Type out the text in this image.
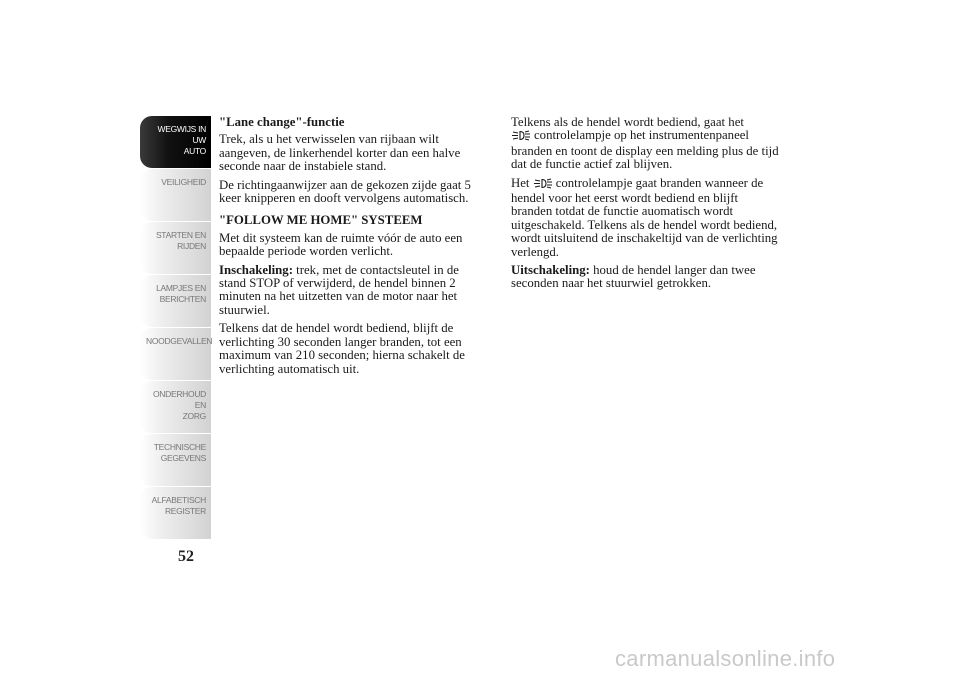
WEGWIJS IN UW
AUTO
VEILIGHEID
STARTEN EN
RIJDEN
LAMPJES EN
BERICHTEN
NOODGEVALLEN
ONDERHOUD EN
ZORG
TECHNISCHE
GEGEVENS
ALFABETISCH
REGISTER
52

"Lane change"-functie

Trek, als u het verwisselen van rijbaan wilt aangeven, de linkerhendel korter dan een halve seconde naar de instabiele stand.

De richtingaanwijzer aan de gekozen zijde gaat 5 keer knipperen en dooft vervolgens automatisch.

"FOLLOW ME HOME" SYSTEEM

Met dit systeem kan de ruimte vóór de auto een bepaalde periode worden verlicht.

Inschakeling: trek, met de contactsleutel in de stand STOP of verwijderd, de hendel binnen 2 minuten na het uitzetten van de motor naar het stuurwiel.

Telkens dat de hendel wordt bediend, blijft de verlichting 30 seconden langer branden, tot een maximum van 210 seconden; hierna schakelt de verlichting automatisch uit.

Telkens als de hendel wordt bediend, gaat het
controlelampje op het instrumentenpaneel branden en toont de display een melding plus de tijd dat de functie actief zal blijven.

Het controlelampje gaat branden wanneer de hendel voor het eerst wordt bediend en blijft branden totdat de functie auomatisch wordt uitgeschakeld. Telkens als de hendel wordt bediend, wordt uitsluitend de inschakeltijd van de verlichting verlengd.

Uitschakeling: houd de hendel langer dan twee seconden naar het stuurwiel getrokken.

carmanualsonline.info
